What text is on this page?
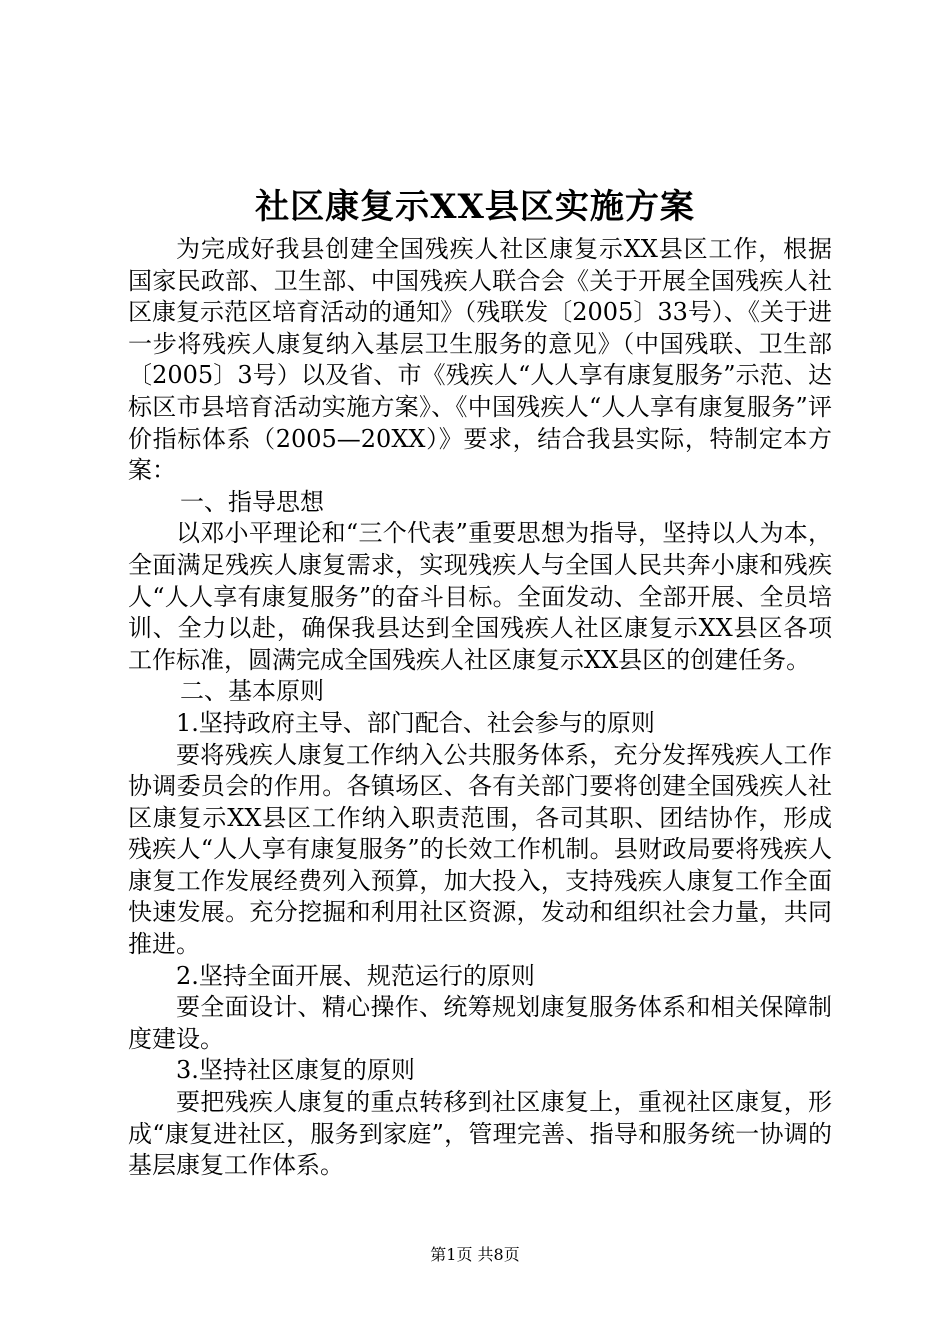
社区康复示XX县区实施方案

为完成好我县创建全国残疾人社区康复示XX县区工作，根据国家民政部、卫生部、中国残疾人联合会《关于开展全国残疾人社区康复示范区培育活动的通知》（残联发〔2005〕33号）、《关于进一步将残疾人康复纳入基层卫生服务的意见》（中国残联、卫生部〔2005〕3号）以及省、市《残疾人“人人享有康复服务”示范、达标区市县培育活动实施方案》、《中国残疾人“人人享有康复服务”评价指标体系（2005—20XX）》要求，结合我县实际，特制定本方案：

一、指导思想

以邓小平理论和“三个代表”重要思想为指导，坚持以人为本，全面满足残疾人康复需求，实现残疾人与全国人民共奔小康和残疾人“人人享有康复服务”的奋斗目标。全面发动、全部开展、全员培训、全力以赴，确保我县达到全国残疾人社区康复示XX县区各项工作标准，圆满完成全国残疾人社区康复示XX县区的创建任务。

二、基本原则

1.坚持政府主导、部门配合、社会参与的原则

要将残疾人康复工作纳入公共服务体系，充分发挥残疾人工作协调委员会的作用。各镇场区、各有关部门要将创建全国残疾人社区康复示XX县区工作纳入职责范围，各司其职、团结协作，形成残疾人“人人享有康复服务”的长效工作机制。县财政局要将残疾人康复工作发展经费列入预算，加大投入，支持残疾人康复工作全面快速发展。充分挖掘和利用社区资源，发动和组织社会力量，共同推进。

2.坚持全面开展、规范运行的原则

要全面设计、精心操作、统筹规划康复服务体系和相关保障制度建设。

3.坚持社区康复的原则

要把残疾人康复的重点转移到社区康复上，重视社区康复，形成“康复进社区，服务到家庭”，管理完善、指导和服务统一协调的基层康复工作体系。

第1页 共8页
